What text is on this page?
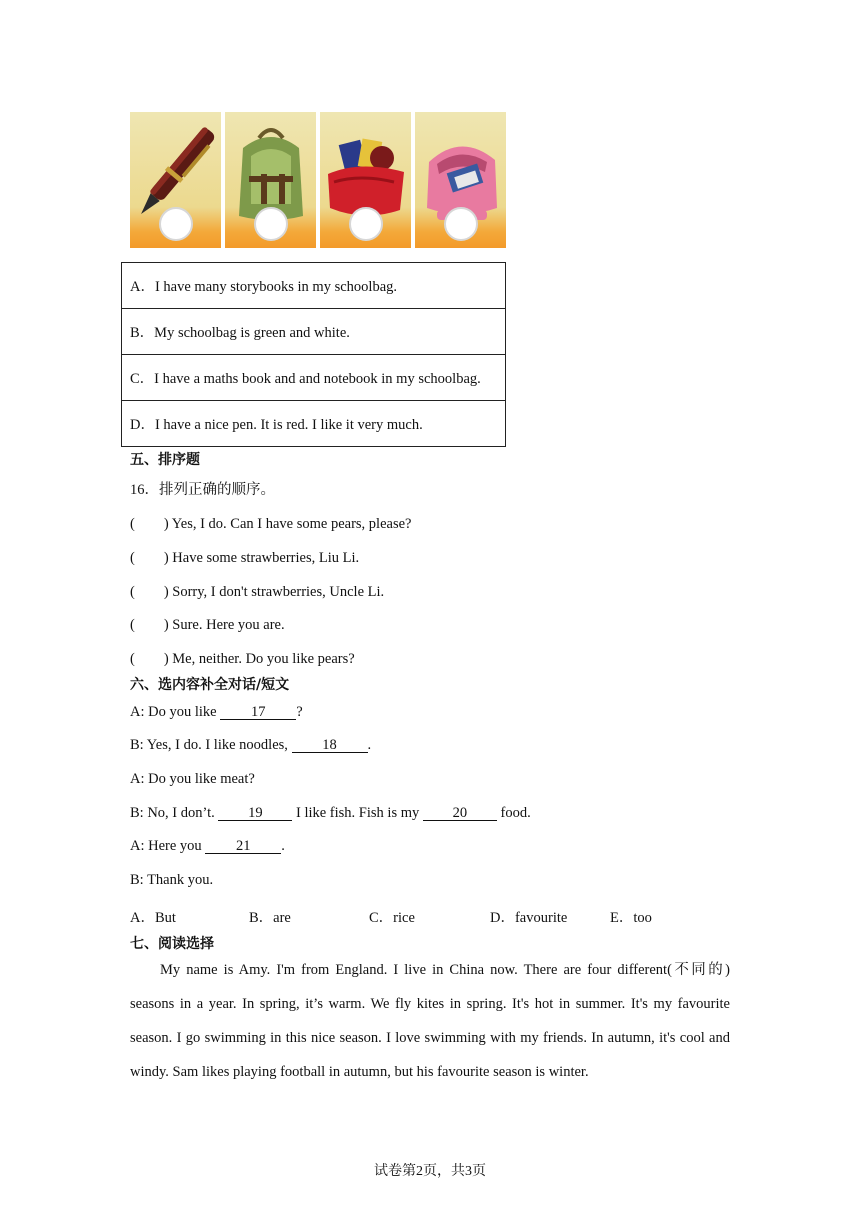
A．I have many storybooks in my schoolbag.
B．My schoolbag is green and white.
C．I have a maths book and and notebook in my schoolbag.
D．I have a nice pen. It is red. I like it very much.
五、排序题
16．排列正确的顺序。
(　　) Yes, I do. Can I have some pears, please?
(　　) Have some strawberries, Liu Li.
(　　) Sorry, I don't strawberries, Uncle Li.
(　　) Sure. Here you are.
(　　) Me, neither. Do you like pears?
六、选内容补全对话/短文
A: Do you like 17 ?
B: Yes, I do. I like noodles, 18 .
A: Do you like meat?
B: No, I don’t. 19 I like fish. Fish is my 20 food.
A: Here you 21 .
B: Thank you.
A．But	B．are	C．rice	D．favourite	E．too
七、阅读选择
My name is Amy. I'm from England. I live in China now. There are four different(不同的) seasons in a year. In spring, it’s warm. We fly kites in spring. It's hot in summer. It's my favourite season. I go swimming in this nice season. I love swimming with my friends. In autumn, it's cool and windy. Sam likes playing football in autumn, but his favourite season is winter.
试卷第2页，共3页
